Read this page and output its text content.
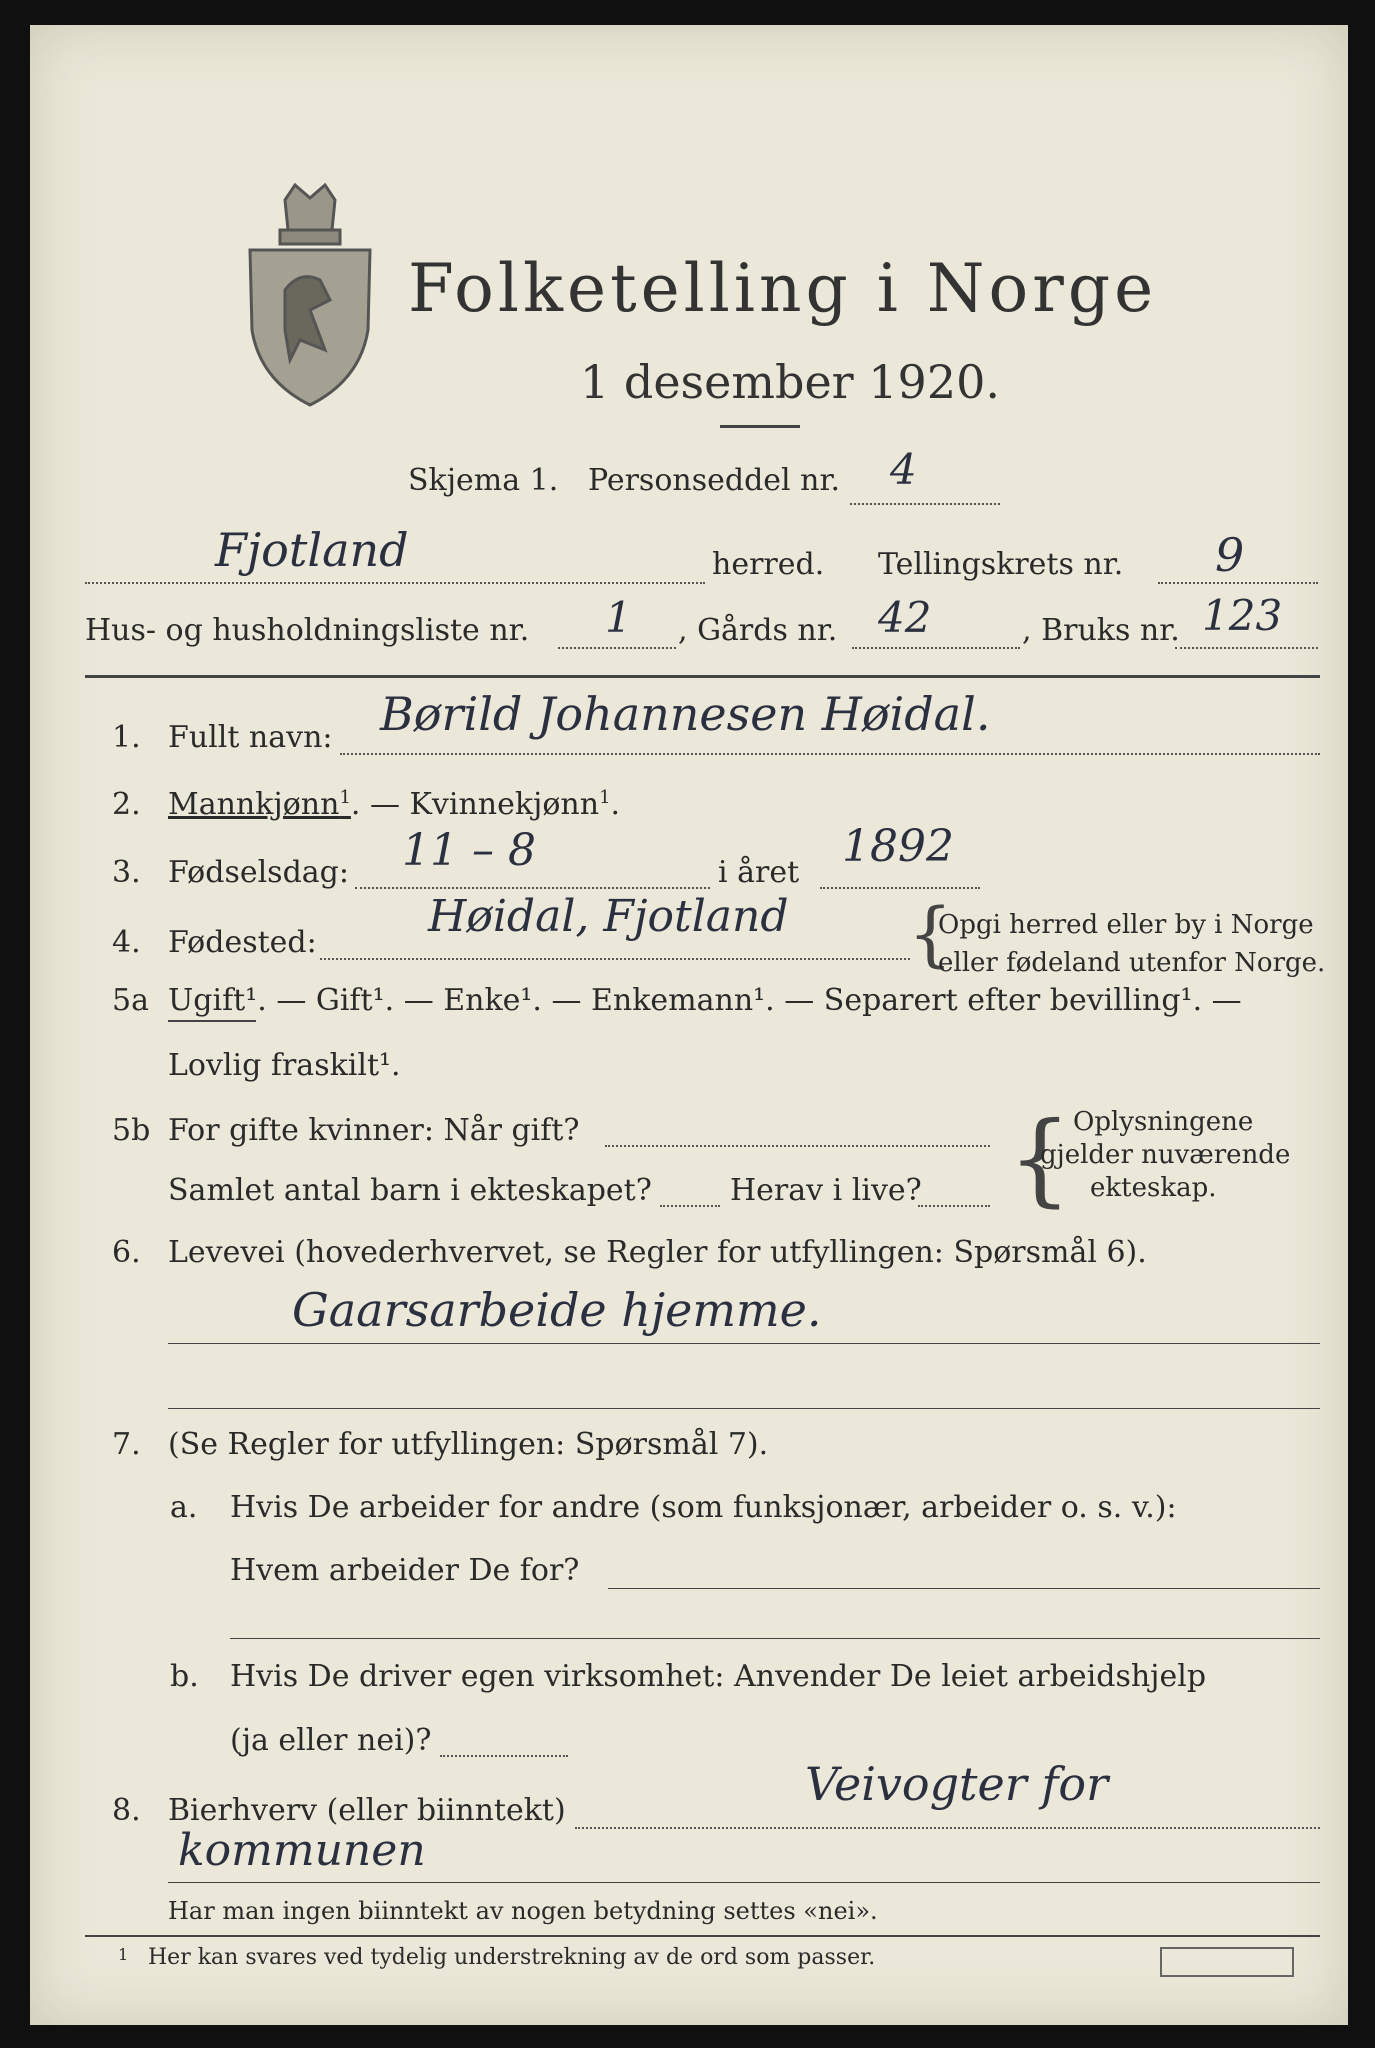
Folketelling i Norge
1 desember 1920.
Skjema 1. Personseddel nr. 4
Fjotland	herred. Tellingskrets nr. 9
Hus- og husholdningsliste nr. 1 , Gårds nr. 42	, Bruks nr. 123
1. Fullt navn: Børild Johannesen Høidal.
2. Mannkjønn$^1$. — Kvinnekjønn$^1$.
3. Fødselsdag: 11 – 8	i året
1892
4. Fødested:
Høidal, Fjotland {
Opgi herred eller by i Norge
eller fødeland utenfor Norge.
5a Ugift¹. — Gift¹. — Enke¹. — Enkemann¹. — Separert efter bevilling¹. —
Lovlig fraskilt¹.
5b For gifte kvinner: Når gift?
Samlet antal barn i ekteskapet?	Herav i live? { Oplysningene
gjelder nuværende
ekteskap.
6. Levevei (hovederhvervet, se Regler for utfyllingen: Spørsmål 6).
Gaarsarbeide hjemme.
7. (Se Regler for utfyllingen: Spørsmål 7).
a. Hvis De arbeider for andre (som funksjonær, arbeider o. s. v.):
Hvem arbeider De for?
b. Hvis De driver egen virksomhet: Anvender De leiet arbeidshjelp
(ja eller nei)?
8. Bierhverv (eller biinntekt)	Veivogter for
kommunen
Har man ingen biinntekt av nogen betydning settes «nei».
1 Her kan svares ved tydelig understrekning av de ord som passer.
